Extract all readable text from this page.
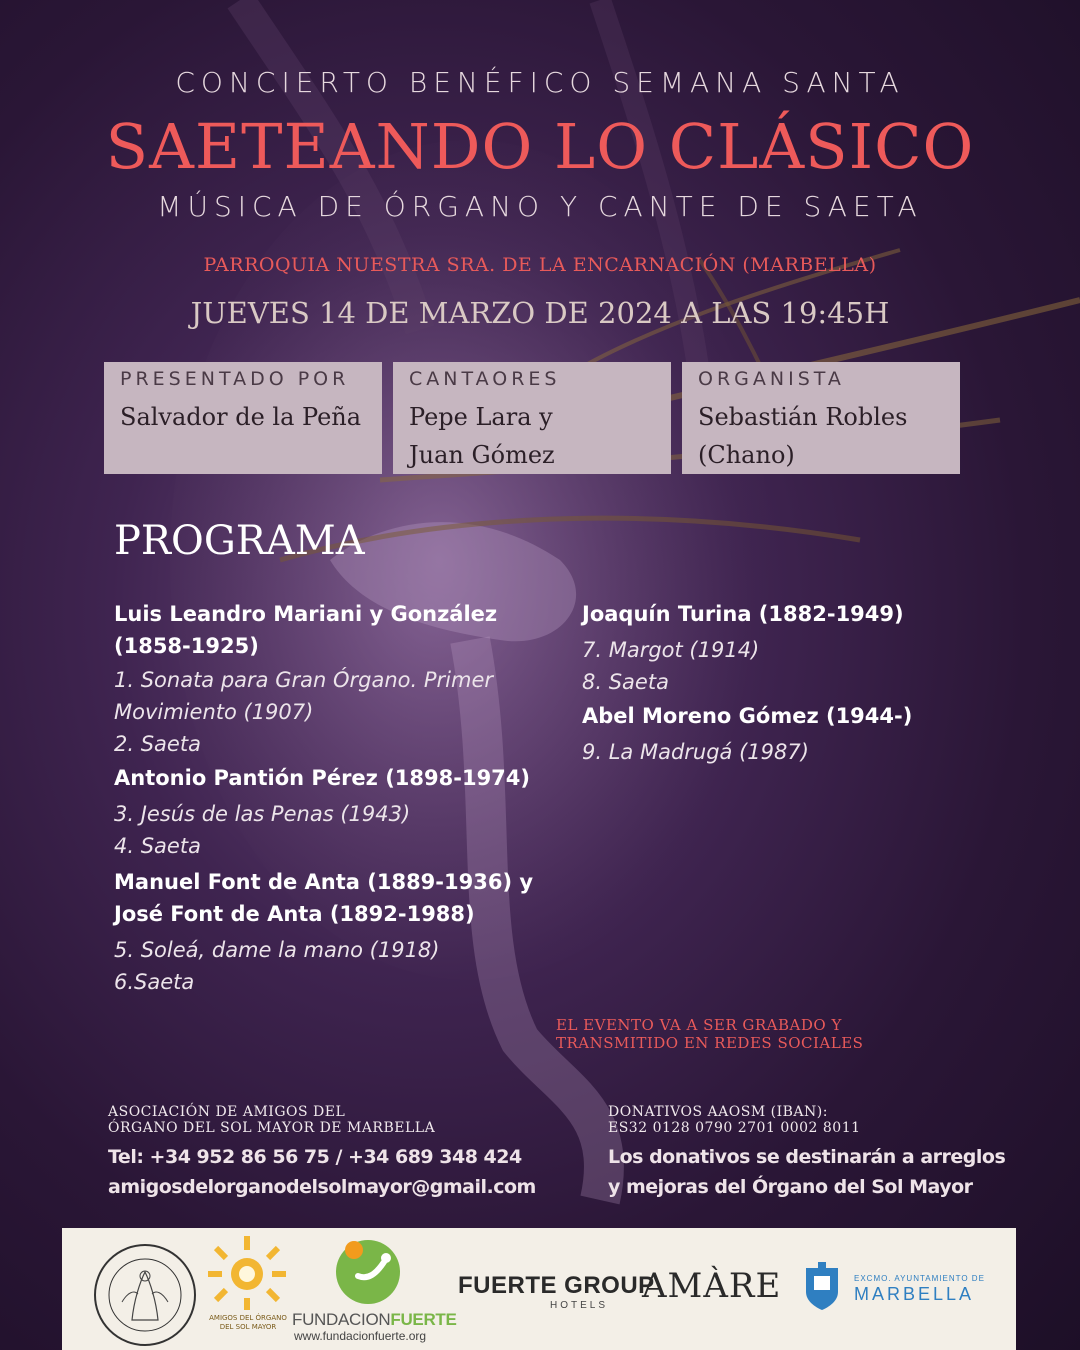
CONCIERTO BENÉFICO SEMANA SANTA
SAETEANDO LO CLÁSICO
MÚSICA DE ÓRGANO Y CANTE DE SAETA
PARROQUIA NUESTRA SRA. DE LA ENCARNACIÓN (MARBELLA)
JUEVES 14 DE MARZO DE 2024 A LAS 19:45H
PRESENTADO POR
Salvador de la Peña
CANTAORES
Pepe Lara y
Juan Gómez
ORGANISTA
Sebastián Robles
(Chano)
PROGRAMA
Luis Leandro Mariani y González
(1858-1925)
1. Sonata para Gran Órgano. Primer
Movimiento (1907)
2. Saeta
Antonio Pantión Pérez (1898-1974)
3. Jesús de las Penas (1943)
4. Saeta
Manuel Font de Anta (1889-1936) y
José Font de Anta (1892-1988)
5. Soleá, dame la mano (1918)
6.Saeta
Joaquín Turina (1882-1949)
7. Margot (1914)
8. Saeta
Abel Moreno Gómez (1944-)
9. La Madrugá (1987)
EL EVENTO VA A SER GRABADO Y
TRANSMITIDO EN REDES SOCIALES
ASOCIACIÓN DE AMIGOS DEL
ÓRGANO DEL SOL MAYOR DE MARBELLA
Tel: +34 952 86 56 75 / +34 689 348 424
amigosdelorganodelsolmayor@gmail.com
DONATIVOS AAOSM (IBAN):
ES32 0128 0790 2701 0002 8011
Los donativos se destinarán a arreglos
y mejoras del Órgano del Sol Mayor
AMIGOS DEL ÓRGANO
DEL SOL MAYOR FUNDACIONFUERTE
www.fundacionfuerte.org
FUERTE GROUP
HOTELS AMÀRE	EXCMO. AYUNTAMIENTO DE
MARBELLA
